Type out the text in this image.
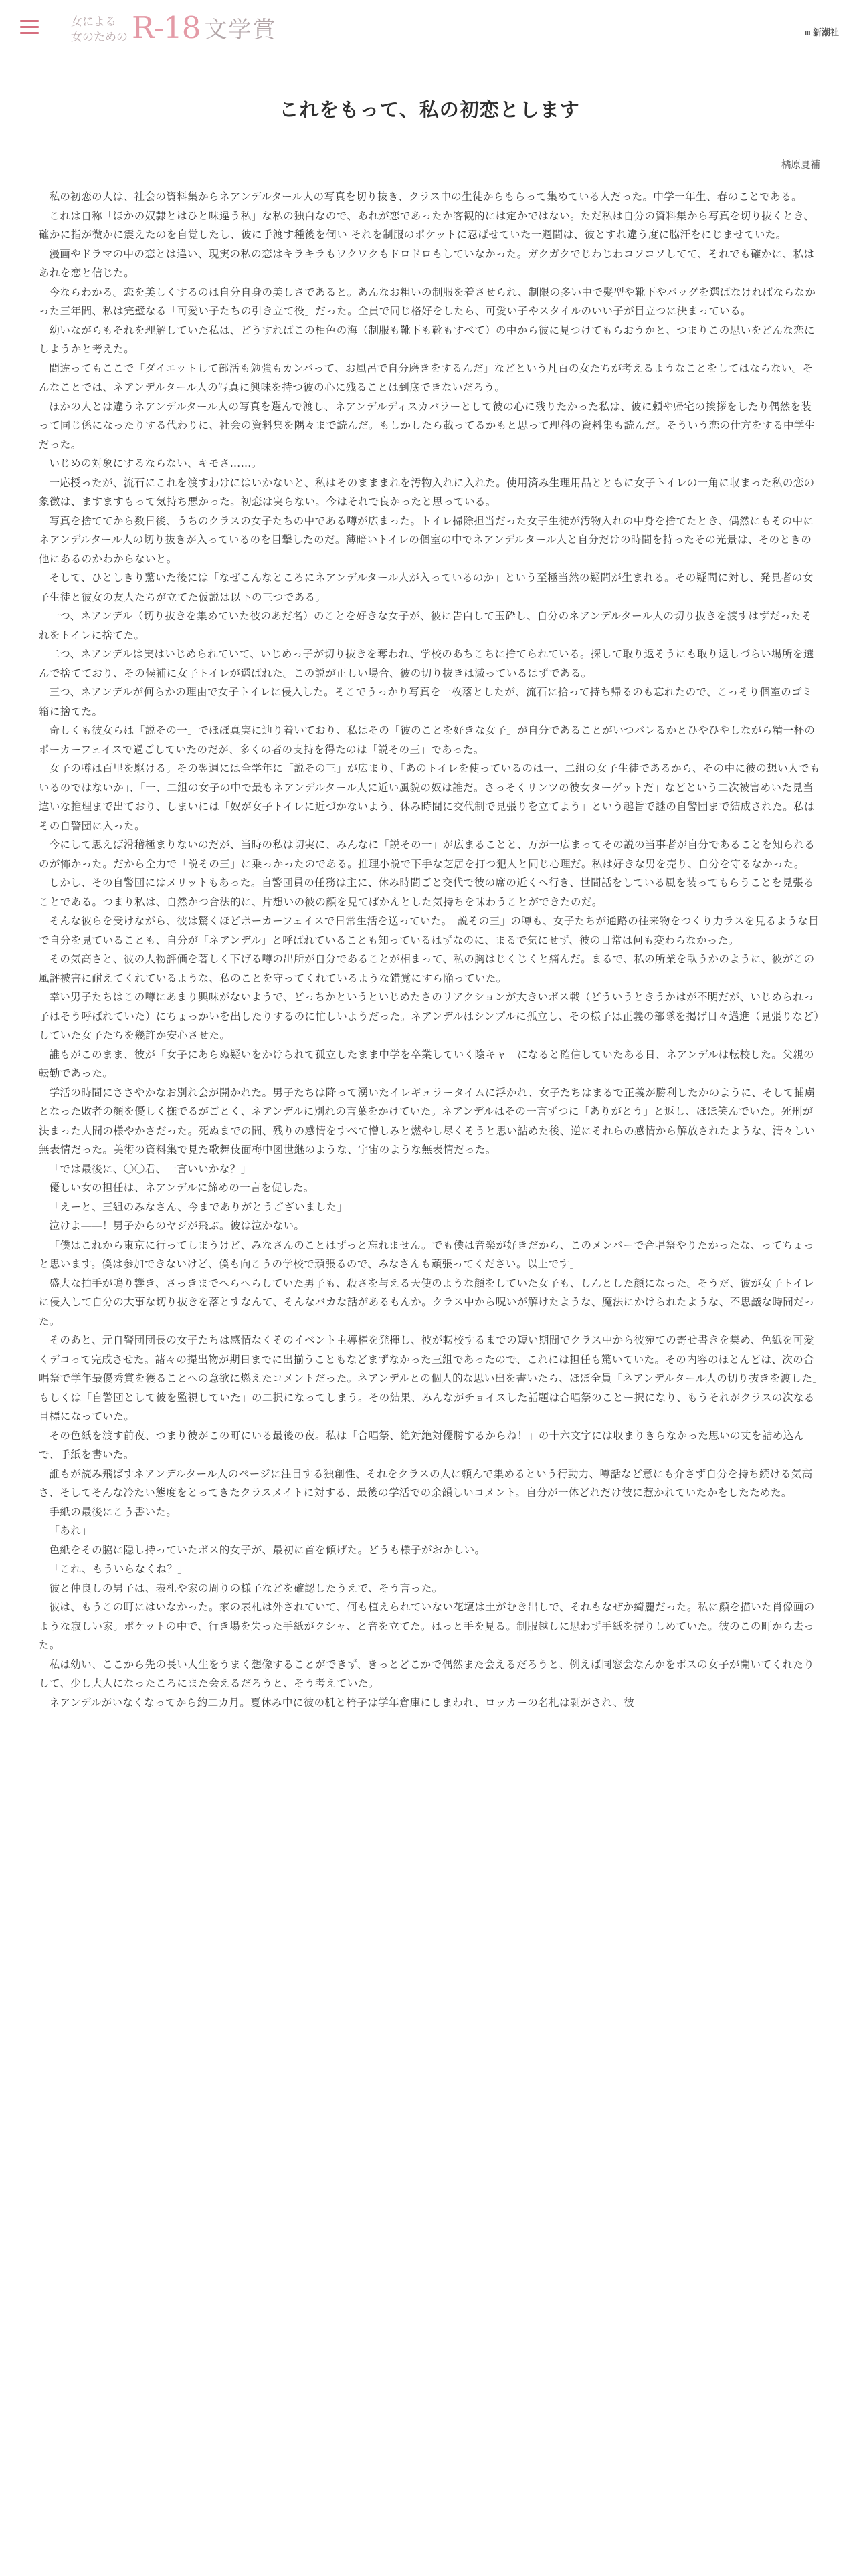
女による
女のための R-18 文学賞	⊞ 新潮社
これをもって、私の初恋とします
橘原夏補

私の初恋の人は、社会の資料集からネアンデルタール人の写真を切り抜き、クラス中の生徒からもらって集めている人だった。中学一年生、春のことである。

これは自称「ほかの奴隷とはひと味違う私」な私の独白なので、あれが恋であったか客観的には定かではない。ただ私は自分の資料集から写真を切り抜くとき、確かに指が微かに震えたのを自覚したし、彼に手渡す種後を伺い それを制服のポケットに忍ばせていた一週間は、彼とすれ違う度に脇汗をにじませていた。

漫画やドラマの中の恋とは違い、現実の私の恋はキラキラもワクワクもドロドロもしていなかった。ガクガクでじわじわコソコソしてて、それでも確かに、私はあれを恋と信じた。

今ならわかる。恋を美しくするのは自分自身の美しさであると。あんなお粗いの制服を着させられ、制限の多い中で髪型や靴下やバッグを選ばなければならなかった三年間、私は完璧なる「可愛い子たちの引き立て役」だった。全員で同じ格好をしたら、可愛い子やスタイルのいい子が目立つに決まっている。

幼いながらもそれを理解していた私は、どうすればこの相色の海（制服も靴下も靴もすべて）の中から彼に見つけてもらおうかと、つまりこの思いをどんな恋にしようかと考えた。

間違ってもここで「ダイエットして部活も勉強もカンバって、お風呂で自分磨きをするんだ」などという凡百の女たちが考えるようなことをしてはならない。そんなことでは、ネアンデルタール人の写真に興味を持つ彼の心に残ることは到底できないだろう。

ほかの人とは違うネアンデルタール人の写真を選んで渡し、ネアンデルディスカバラーとして彼の心に残りたかった私は、彼に頼や帰宅の挨拶をしたり偶然を装って同じ係になったりする代わりに、社会の資料集を隅々まで読んだ。もしかしたら載ってるかもと思って理科の資料集も読んだ。そういう恋の仕方をする中学生だった。

いじめの対象にするならない、キモさ……。

一応授ったが、流石にこれを渡すわけにはいかないと、私はそのまままれを汚物入れに入れた。使用済み生理用品とともに女子トイレの一角に収まった私の恋の象徴は、ますますもって気持ち悪かった。初恋は実らない。今はそれで良かったと思っている。

写真を捨ててから数日後、うちのクラスの女子たちの中である噂が広まった。トイレ掃除担当だった女子生徒が汚物入れの中身を捨てたとき、偶然にもその中にネアンデルタール人の切り抜きが入っているのを目撃したのだ。薄暗いトイレの個室の中でネアンデルタール人と自分だけの時間を持ったその光景は、そのときの他にあるのかわからないと。

そして、ひとしきり驚いた後には「なぜこんなところにネアンデルタール人が入っているのか」という至極当然の疑問が生まれる。その疑問に対し、発見者の女子生徒と彼女の友人たちが立てた仮説は以下の三つである。

一つ、ネアンデル（切り抜きを集めていた彼のあだ名）のことを好きな女子が、彼に告白して玉砕し、自分のネアンデルタール人の切り抜きを渡すはずだったそれをトイレに捨てた。

二つ、ネアンデルは実はいじめられていて、いじめっ子が切り抜きを奪われ、学校のあちこちに捨てられている。探して取り返そうにも取り返しづらい場所を選んで捨てており、その候補に女子トイレが選ばれた。この説が正しい場合、彼の切り抜きは減っているはずである。

三つ、ネアンデルが何らかの理由で女子トイレに侵入した。そこでうっかり写真を一枚落としたが、流石に拾って持ち帰るのも忘れたので、こっそり個室のゴミ箱に捨てた。

奇しくも彼女らは「説その一」でほぼ真実に辿り着いており、私はその「彼のことを好きな女子」が自分であることがいつバレるかとひやひやしながら精一杯のポーカーフェイスで過ごしていたのだが、多くの者の支持を得たのは「説その三」であった。

女子の噂は百里を駆ける。その翌週には全学年に「説その三」が広まり、「あのトイレを使っているのは一、二組の女子生徒であるから、その中に彼の想い人でもいるのではないか」、「一、二組の女子の中で最もネアンデルタール人に近い風貌の奴は誰だ。さっそくリンツの彼女ターゲットだ」などという二次被害めいた見当違いな推理まで出ており、しまいには「奴が女子トイレに近づかないよう、休み時間に交代制で見張りを立てよう」という趣旨で謎の自警団まで結成された。私はその自警団に入った。

今にして思えば滑稽極まりないのだが、当時の私は切実に、みんなに「説その一」が広まることと、万が一広まってその説の当事者が自分であることを知られるのが怖かった。だから全力で「説その三」に乗っかったのである。推理小説で下手な芝居を打つ犯人と同じ心理だ。私は好きな男を売り、自分を守るなかった。

しかし、その自警団にはメリットもあった。自警団員の任務は主に、休み時間ごと交代で彼の席の近くへ行き、世間話をしている風を装ってもらうことを見張ることである。つまり私は、自然かつ合法的に、片想いの彼の顔を見てばかんとした気持ちを味わうことができたのだ。

そんな彼らを受けながら、彼は驚くほどポーカーフェイスで日常生活を送っていた。「説その三」の噂も、女子たちが通路の往来物をつくり力ラスを見るような目で自分を見ていることも、自分が「ネアンデル」と呼ばれていることも知っているはずなのに、まるで気にせず、彼の日常は何も変わらなかった。

その気高さと、彼の人物評価を著しく下げる噂の出所が自分であることが相まって、私の胸はじくじくと痛んだ。まるで、私の所業を臥うかのように、彼がこの風評被害に耐えてくれているような、私のことを守ってくれているような錯覚にすら陥っていた。

幸い男子たちはこの噂にあまり興味がないようで、どっちかというといじめたさのリアクションが大きいボス戦（どういうときうかはが不明だが、いじめられっ子はそう呼ばれていた）にちょっかいを出したりするのに忙しいようだった。ネアンデルはシンプルに孤立し、その様子は正義の部隊を掲げ日々邁進（見張りなど）していた女子たちを幾許か安心させた。

誰もがこのまま、彼が「女子にあらぬ疑いをかけられて孤立したまま中学を卒業していく陰キャ」になると確信していたある日、ネアンデルは転校した。父親の転勤であった。

学活の時間にささやかなお別れ会が開かれた。男子たちは降って湧いたイレギュラータイムに浮かれ、女子たちはまるで正義が勝利したかのように、そして捕虜となった敗者の顔を優しく撫でるがごとく、ネアンデルに別れの言葉をかけていた。ネアンデルはその一言ずつに「ありがとう」と返し、ほほ笑んでいた。死刑が決まった人間の様やかさだった。死ぬまでの間、残りの感情をすべて憎しみと燃やし尽くそうと思い詰めた後、逆にそれらの感情から解放されたような、清々しい無表情だった。美術の資料集で見た歌舞伎面梅中図世継のような、宇宙のような無表情だった。

「では最後に、〇〇君、一言いいかな？」

優しい女の担任は、ネアンデルに締めの一言を促した。

「えーと、三組のみなさん、今までありがとうございました」

泣けよ――！男子からのヤジが飛ぶ。彼は泣かない。

「僕はこれから東京に行ってしまうけど、みなさんのことはずっと忘れません。でも僕は音楽が好きだから、このメンバーで合唱祭やりたかったな、ってちょっと思います。僕は参加できないけど、僕も向こうの学校で頑張るので、みなさんも頑張ってください。以上です」

盛大な拍手が鳴り響き、さっきまでへらへらしていた男子も、殺さを与える天使のような顔をしていた女子も、しんとした顔になった。そうだ、彼が女子トイレに侵入して自分の大事な切り抜きを落とすなんて、そんなバカな話があるもんか。クラス中から呪いが解けたような、魔法にかけられたような、不思議な時間だった。

そのあと、元自警団団長の女子たちは感情なくそのイベント主導権を発揮し、彼が転校するまでの短い期間でクラス中から彼宛ての寄せ書きを集め、色紙を可愛くデコって完成させた。諸々の提出物が期日までに出揃うこともなどまずなかった三組であったので、これには担任も驚いていた。その内容のほとんどは、次の合唱祭で学年最優秀賞を獲ることへの意欲に燃えたコメントだった。ネアンデルとの個人的な思い出を書いたら、ほぼ全員「ネアンデルタール人の切り抜きを渡した」もしくは「自警団として彼を監視していた」の二択になってしまう。その結果、みんながチョイスした話題は合唱祭のことー択になり、もうそれがクラスの次なる目標になっていた。

その色紙を渡す前夜、つまり彼がこの町にいる最後の夜。私は「合唱祭、絶対絶対優勝するからね！」の十六文字には収まりきらなかった思いの丈を詰め込んで、手紙を書いた。

誰もが読み飛ばすネアンデルタール人のページに注目する独創性、それをクラスの人に頼んで集めるという行動力、噂話など意にも介さず自分を持ち続ける気高さ、そしてそんな冷たい態度をとってきたクラスメイトに対する、最後の学活での余韻しいコメント。自分が一体どれだけ彼に惹かれていたかをしたためた。

手紙の最後にこう書いた。

「あれ」

色紙をその脇に隠し持っていたボス的女子が、最初に首を傾げた。どうも様子がおかしい。

「これ、もういらなくね？」

彼と仲良しの男子は、表札や家の周りの様子などを確認したうえで、そう言った。

彼は、もうこの町にはいなかった。家の表札は外されていて、何も植えられていない花壇は土がむき出しで、それもなぜか綺麗だった。私に顔を描いた肖像画のような寂しい家。ポケットの中で、行き場を失った手紙がクシャ、と音を立てた。はっと手を見る。制服越しに思わず手紙を握りしめていた。彼のこの町から去った。

私は幼い、ここから先の長い人生をうまく想像することができず、きっとどこかで偶然また会えるだろうと、例えば同窓会なんかをボスの女子が開いてくれたりして、少し大人になったころにまた会えるだろうと、そう考えていた。

ネアンデルがいなくなってから約二カ月。夏休み中に彼の机と椅子は学年倉庫にしまわれ、ロッカーの名札は剥がされ、彼
